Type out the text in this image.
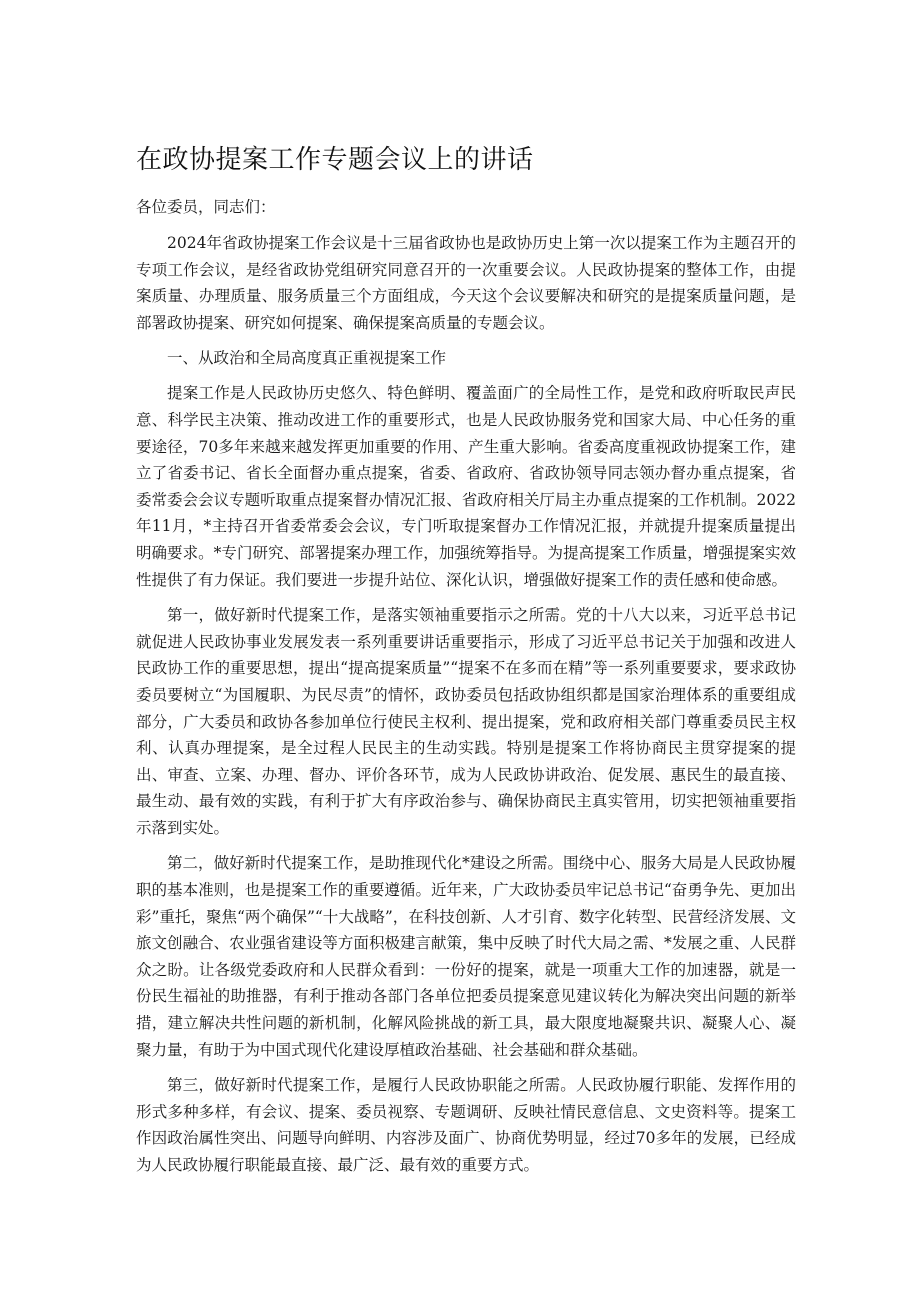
在政协提案工作专题会议上的讲话

各位委员，同志们：

2024年省政协提案工作会议是十三届省政协也是政协历史上第一次以提案工作为主题召开的专项工作会议，是经省政协党组研究同意召开的一次重要会议。人民政协提案的整体工作，由提案质量、办理质量、服务质量三个方面组成，今天这个会议要解决和研究的是提案质量问题，是部署政协提案、研究如何提案、确保提案高质量的专题会议。

一、从政治和全局高度真正重视提案工作

提案工作是人民政协历史悠久、特色鲜明、覆盖面广的全局性工作，是党和政府听取民声民意、科学民主决策、推动改进工作的重要形式，也是人民政协服务党和国家大局、中心任务的重要途径，70多年来越来越发挥更加重要的作用、产生重大影响。省委高度重视政协提案工作，建立了省委书记、省长全面督办重点提案，省委、省政府、省政协领导同志领办督办重点提案，省委常委会会议专题听取重点提案督办情况汇报、省政府相关厅局主办重点提案的工作机制。2022年11月，*主持召开省委常委会会议，专门听取提案督办工作情况汇报，并就提升提案质量提出明确要求。*专门研究、部署提案办理工作，加强统筹指导。为提高提案工作质量，增强提案实效性提供了有力保证。我们要进一步提升站位、深化认识，增强做好提案工作的责任感和使命感。

第一，做好新时代提案工作，是落实领袖重要指示之所需。党的十八大以来，习近平总书记就促进人民政协事业发展发表一系列重要讲话重要指示，形成了习近平总书记关于加强和改进人民政协工作的重要思想，提出“提高提案质量”“提案不在多而在精”等一系列重要要求，要求政协委员要树立“为国履职、为民尽责”的情怀，政协委员包括政协组织都是国家治理体系的重要组成部分，广大委员和政协各参加单位行使民主权利、提出提案，党和政府相关部门尊重委员民主权利、认真办理提案，是全过程人民民主的生动实践。特别是提案工作将协商民主贯穿提案的提出、审查、立案、办理、督办、评价各环节，成为人民政协讲政治、促发展、惠民生的最直接、最生动、最有效的实践，有利于扩大有序政治参与、确保协商民主真实管用，切实把领袖重要指示落到实处。

第二，做好新时代提案工作，是助推现代化*建设之所需。围绕中心、服务大局是人民政协履职的基本准则，也是提案工作的重要遵循。近年来，广大政协委员牢记总书记“奋勇争先、更加出彩”重托，聚焦“两个确保”“十大战略”，在科技创新、人才引育、数字化转型、民营经济发展、文旅文创融合、农业强省建设等方面积极建言献策，集中反映了时代大局之需、*发展之重、人民群众之盼。让各级党委政府和人民群众看到：一份好的提案，就是一项重大工作的加速器，就是一份民生福祉的助推器，有利于推动各部门各单位把委员提案意见建议转化为解决突出问题的新举措，建立解决共性问题的新机制，化解风险挑战的新工具，最大限度地凝聚共识、凝聚人心、凝聚力量，有助于为中国式现代化建设厚植政治基础、社会基础和群众基础。

第三，做好新时代提案工作，是履行人民政协职能之所需。人民政协履行职能、发挥作用的形式多种多样，有会议、提案、委员视察、专题调研、反映社情民意信息、文史资料等。提案工作因政治属性突出、问题导向鲜明、内容涉及面广、协商优势明显，经过70多年的发展，已经成为人民政协履行职能最直接、最广泛、最有效的重要方式。
